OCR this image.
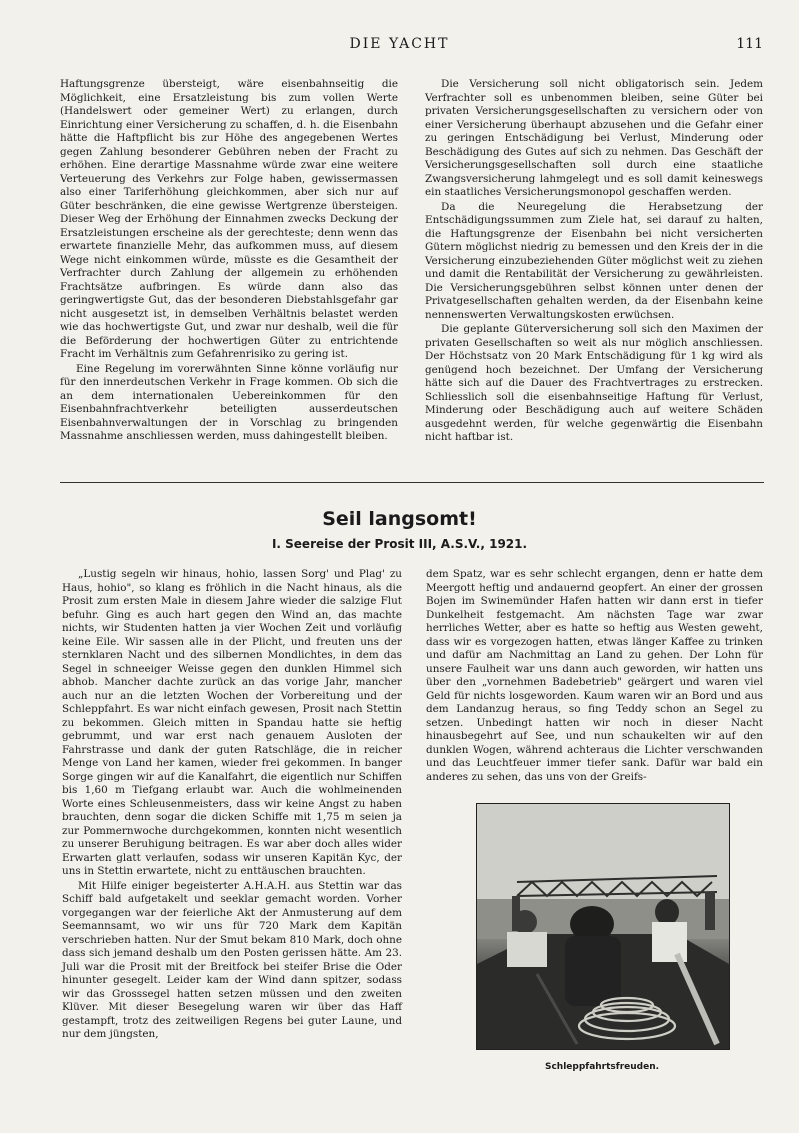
DIE YACHT	111

Haftungsgrenze übersteigt, wäre eisenbahnseitig die Möglichkeit, eine Ersatzleistung bis zum vollen Werte (Handelswert oder gemeiner Wert) zu erlangen, durch Einrichtung einer Versicherung zu schaffen, d. h. die Eisenbahn hätte die Haftpflicht bis zur Höhe des angegebenen Wertes gegen Zahlung besonderer Gebühren neben der Fracht zu erhöhen. Eine derartige Massnahme würde zwar eine weitere Verteuerung des Verkehrs zur Folge haben, gewissermassen also einer Tariferhöhung gleichkommen, aber sich nur auf Güter beschränken, die eine gewisse Wertgrenze übersteigen. Dieser Weg der Erhöhung der Einnahmen zwecks Deckung der Ersatzleistungen erscheine als der gerechteste; denn wenn das erwartete finanzielle Mehr, das aufkommen muss, auf diesem Wege nicht einkommen würde, müsste es die Gesamtheit der Verfrachter durch Zahlung der allgemein zu erhöhenden Frachtsätze aufbringen. Es würde dann also das geringwertigste Gut, das der besonderen Diebstahlsgefahr gar nicht ausgesetzt ist, in demselben Verhältnis belastet werden wie das hochwertigste Gut, und zwar nur deshalb, weil die für die Beförderung der hochwertigen Güter zu entrichtende Fracht im Verhältnis zum Gefahrenrisiko zu gering ist.

Eine Regelung im vorerwähnten Sinne könne vorläufig nur für den innerdeutschen Verkehr in Frage kommen. Ob sich die an dem internationalen Uebereinkommen für den Eisenbahnfrachtverkehr beteiligten ausserdeutschen Eisenbahnverwaltungen der in Vorschlag zu bringenden Massnahme anschliessen werden, muss dahingestellt bleiben.

Die Versicherung soll nicht obligatorisch sein. Jedem Verfrachter soll es unbenommen bleiben, seine Güter bei privaten Versicherungsgesellschaften zu versichern oder von einer Versicherung überhaupt abzusehen und die Gefahr einer zu geringen Entschädigung bei Verlust, Minderung oder Beschädigung des Gutes auf sich zu nehmen. Das Geschäft der Versicherungsgesellschaften soll durch eine staatliche Zwangsversicherung lahmgelegt und es soll damit keineswegs ein staatliches Versicherungsmonopol geschaffen werden.

Da die Neuregelung die Herabsetzung der Entschädigungssummen zum Ziele hat, sei darauf zu halten, die Haftungsgrenze der Eisenbahn bei nicht versicherten Gütern möglichst niedrig zu bemessen und den Kreis der in die Versicherung einzubeziehenden Güter möglichst weit zu ziehen und damit die Rentabilität der Versicherung zu gewährleisten. Die Versicherungsgebühren selbst können unter denen der Privatgesellschaften gehalten werden, da der Eisenbahn keine nennenswerten Verwaltungskosten erwüchsen.

Die geplante Güterversicherung soll sich den Maximen der privaten Gesellschaften so weit als nur möglich anschliessen. Der Höchstsatz von 20 Mark Entschädigung für 1 kg wird als genügend hoch bezeichnet. Der Umfang der Versicherung hätte sich auf die Dauer des Frachtvertrages zu erstrecken. Schliesslich soll die eisenbahnseitige Haftung für Verlust, Minderung oder Beschädigung auch auf weitere Schäden ausgedehnt werden, für welche gegenwärtig die Eisenbahn nicht haftbar ist.

Seil langsomt!
I. Seereise der Prosit III, A.S.V., 1921.

„Lustig segeln wir hinaus, hohio, lassen Sorg' und Plag' zu Haus, hohio", so klang es fröhlich in die Nacht hinaus, als die Prosit zum ersten Male in diesem Jahre wieder die salzige Flut befuhr. Ging es auch hart gegen den Wind an, das machte nichts, wir Studenten hatten ja vier Wochen Zeit und vorläufig keine Eile. Wir sassen alle in der Plicht, und freuten uns der sternklaren Nacht und des silbernen Mondlichtes, in dem das Segel in schneeiger Weisse gegen den dunklen Himmel sich abhob. Mancher dachte zurück an das vorige Jahr, mancher auch nur an die letzten Wochen der Vorbereitung und der Schleppfahrt. Es war nicht einfach gewesen, Prosit nach Stettin zu bekommen. Gleich mitten in Spandau hatte sie heftig gebrummt, und war erst nach genauem Ausloten der Fahrstrasse und dank der guten Ratschläge, die in reicher Menge von Land her kamen, wieder frei gekommen. In banger Sorge gingen wir auf die Kanalfahrt, die eigentlich nur Schiffen bis 1,60 m Tiefgang erlaubt war. Auch die wohlmeinenden Worte eines Schleusenmeisters, dass wir keine Angst zu haben brauchten, denn sogar die dicken Schiffe mit 1,75 m seien ja zur Pommernwoche durchgekommen, konnten nicht wesentlich zu unserer Beruhigung beitragen. Es war aber doch alles wider Erwarten glatt verlaufen, sodass wir unseren Kapitän Kyc, der uns in Stettin erwartete, nicht zu enttäuschen brauchten.

Mit Hilfe einiger begeisterter A.H.A.H. aus Stettin war das Schiff bald aufgetakelt und seeklar gemacht worden. Vorher vorgegangen war der feierliche Akt der Anmusterung auf dem Seemannsamt, wo wir uns für 720 Mark dem Kapitän verschrieben hatten. Nur der Smut bekam 810 Mark, doch ohne dass sich jemand deshalb um den Posten gerissen hätte. Am 23. Juli war die Prosit mit der Breitfock bei steifer Brise die Oder hinunter gesegelt. Leider kam der Wind dann spitzer, sodass wir das Grosssegel hatten setzen müssen und den zweiten Klüver. Mit dieser Besegelung waren wir über das Haff gestampft, trotz des zeitweiligen Regens bei guter Laune, und nur dem jüngsten,

dem Spatz, war es sehr schlecht ergangen, denn er hatte dem Meergott heftig und andauernd geopfert. An einer der grossen Bojen im Swinemünder Hafen hatten wir dann erst in tiefer Dunkelheit festgemacht. Am nächsten Tage war zwar herrliches Wetter, aber es hatte so heftig aus Westen geweht, dass wir es vorgezogen hatten, etwas länger Kaffee zu trinken und dafür am Nachmittag an Land zu gehen. Der Lohn für unsere Faulheit war uns dann auch geworden, wir hatten uns über den „vornehmen Badebetrieb" geärgert und waren viel Geld für nichts losgeworden. Kaum waren wir an Bord und aus dem Landanzug heraus, so fing Teddy schon an Segel zu setzen. Unbedingt hatten wir noch in dieser Nacht hinausbegehrt auf See, und nun schaukelten wir auf den dunklen Wogen, während achteraus die Lichter verschwanden und das Leuchtfeuer immer tiefer sank. Dafür war bald ein anderes zu sehen, das uns von der Greifs-

Schleppfahrtsfreuden.
